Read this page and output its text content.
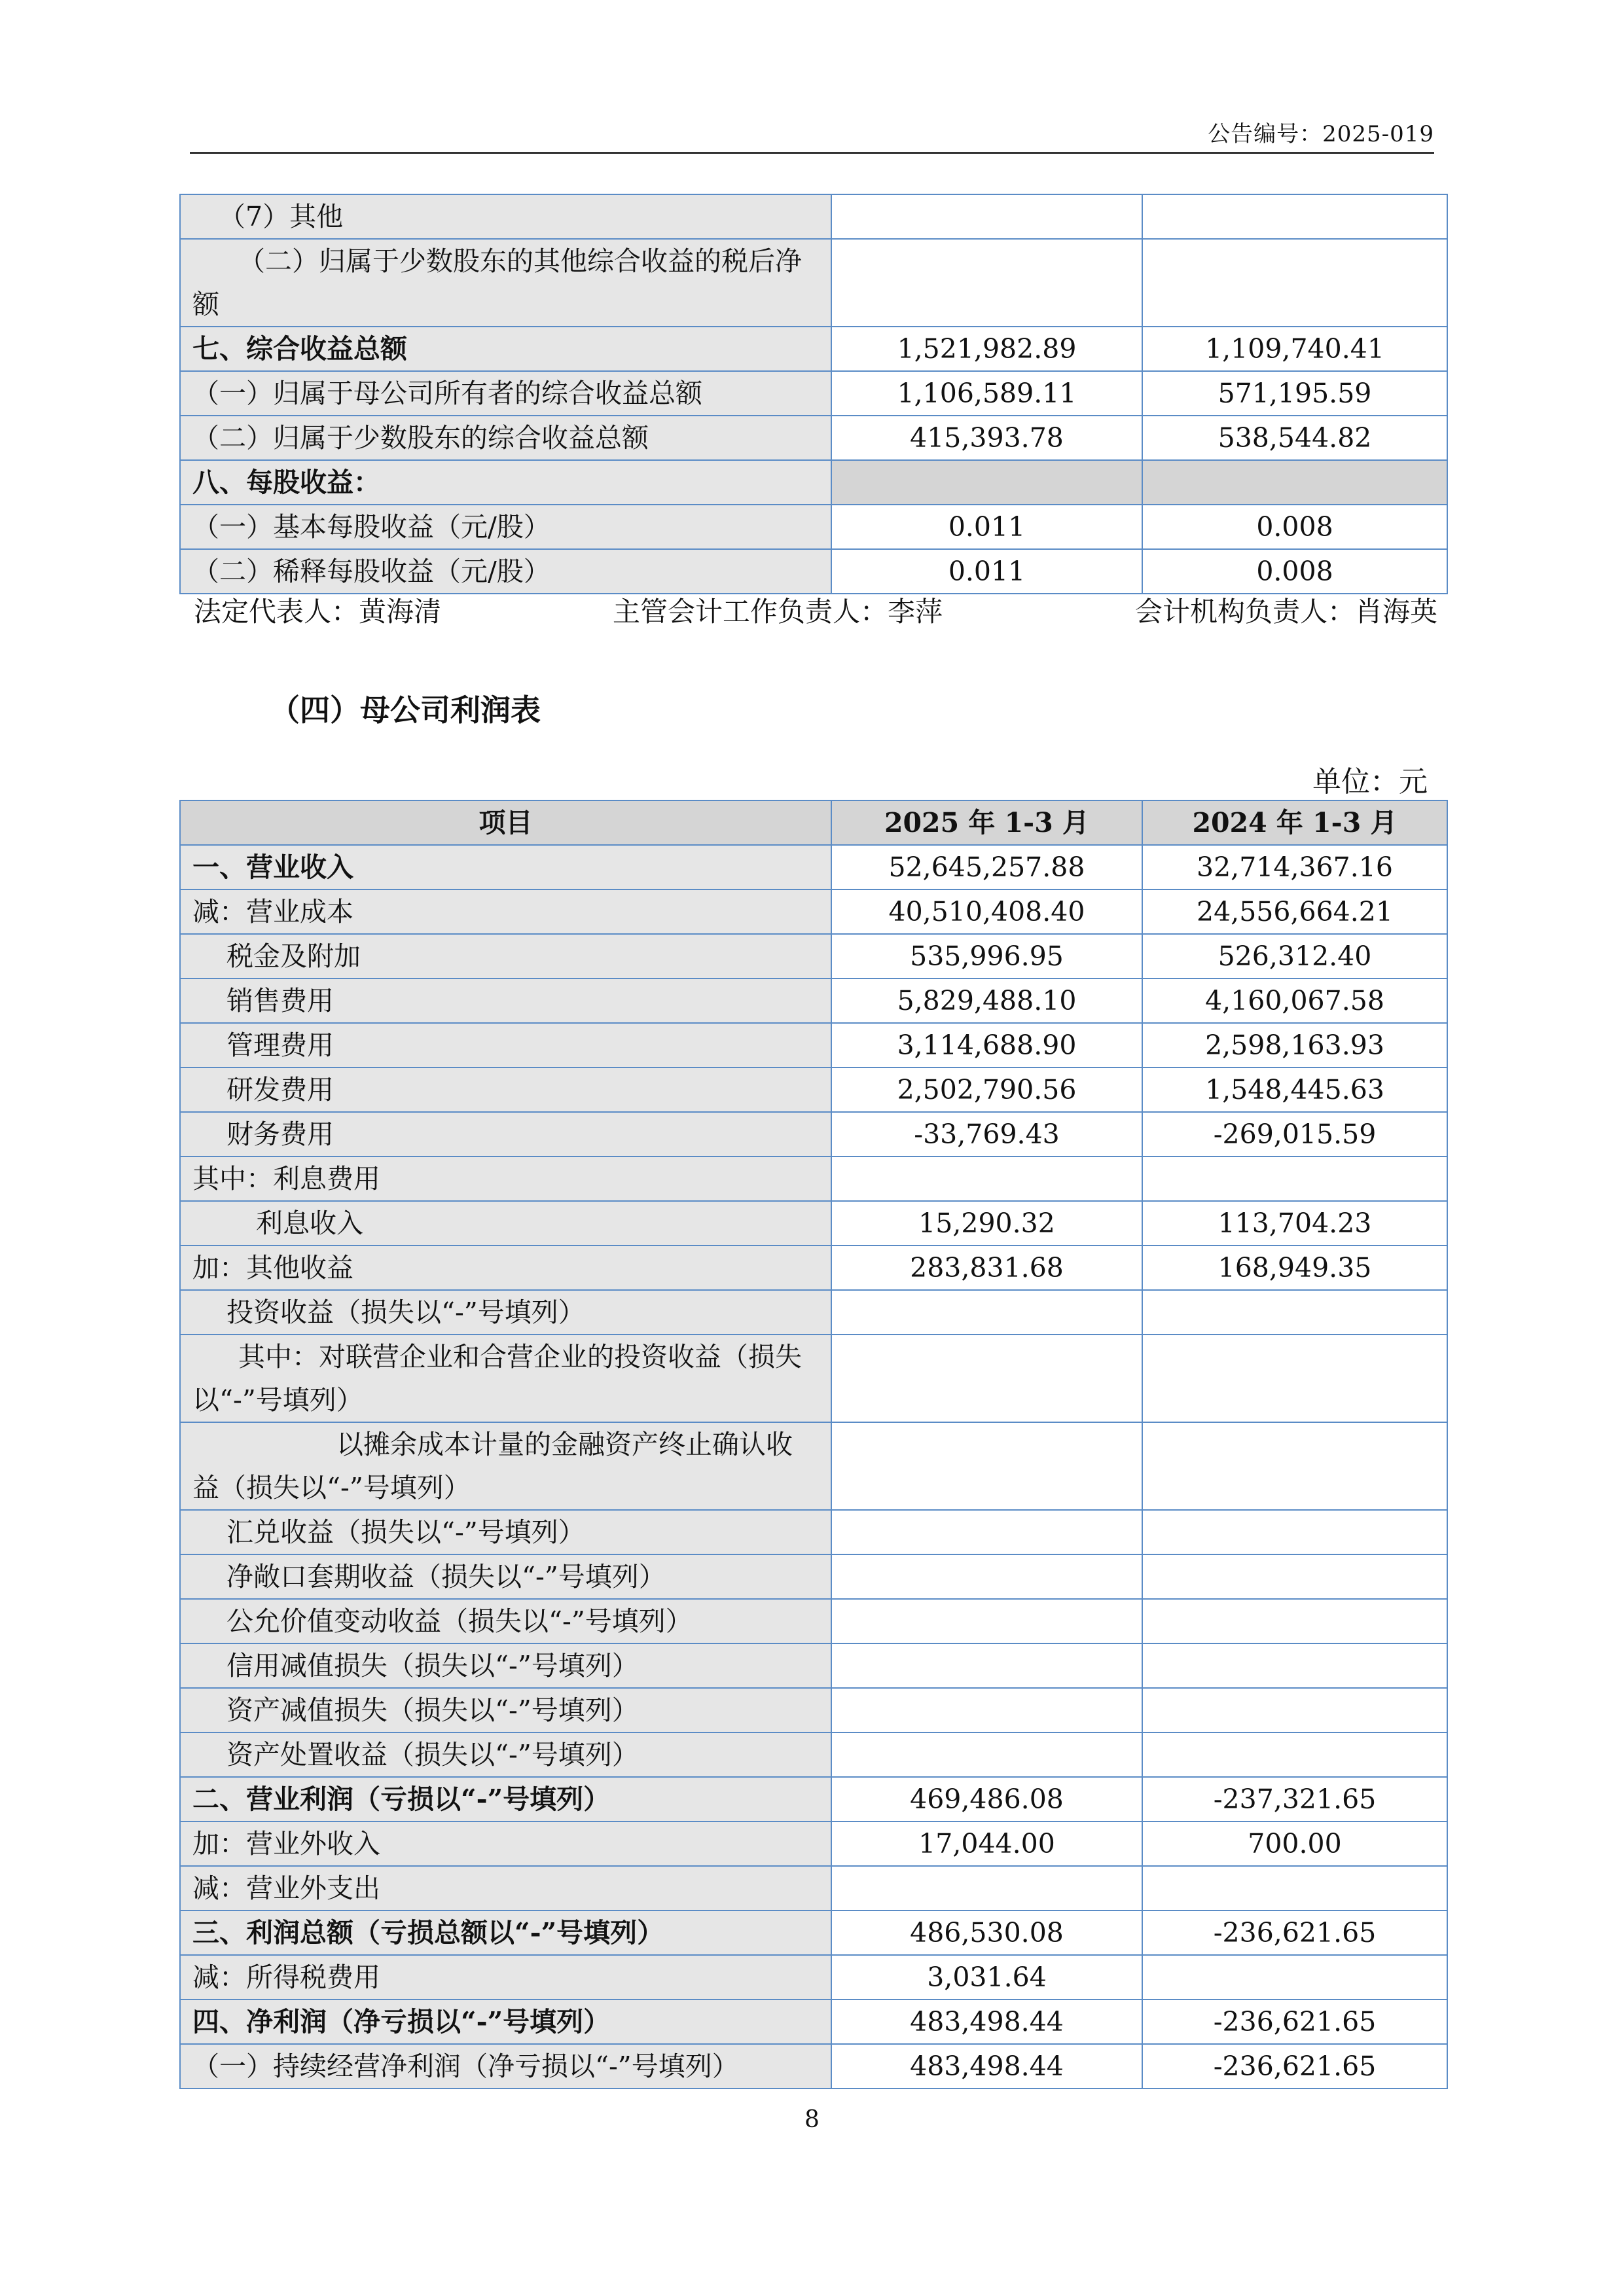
公告编号：2025-019
（7）其他		
（二）归属于少数股东的其他综合收益的税后净额		
七、综合收益总额	1,521,982.89	1,109,740.41
（一）归属于母公司所有者的综合收益总额	1,106,589.11	571,195.59
（二）归属于少数股东的综合收益总额	415,393.78	538,544.82
八、每股收益：		
（一）基本每股收益（元/股）	0.011	0.008
（二）稀释每股收益（元/股）	0.011	0.008
法定代表人：黄海清	主管会计工作负责人：李萍	会计机构负责人：肖海英
（四）母公司利润表
单位：元
项目	2025 年 1-3 月	2024 年 1-3 月
一、营业收入	52,645,257.88	32,714,367.16
减：营业成本	40,510,408.40	24,556,664.21
税金及附加	535,996.95	526,312.40
销售费用	5,829,488.10	4,160,067.58
管理费用	3,114,688.90	2,598,163.93
研发费用	2,502,790.56	1,548,445.63
财务费用	-33,769.43	-269,015.59
其中：利息费用		
利息收入	15,290.32	113,704.23
加：其他收益	283,831.68	168,949.35
投资收益（损失以“-”号填列）		
其中：对联营企业和合营企业的投资收益（损失以“-”号填列）		
以摊余成本计量的金融资产终止确认收益（损失以“-”号填列）		
汇兑收益（损失以“-”号填列）		
净敞口套期收益（损失以“-”号填列）		
公允价值变动收益（损失以“-”号填列）		
信用减值损失（损失以“-”号填列）		
资产减值损失（损失以“-”号填列）		
资产处置收益（损失以“-”号填列）		
二、营业利润（亏损以“-”号填列）	469,486.08	-237,321.65
加：营业外收入	17,044.00	700.00
减：营业外支出		
三、利润总额（亏损总额以“-”号填列）	486,530.08	-236,621.65
减：所得税费用	3,031.64	
四、净利润（净亏损以“-”号填列）	483,498.44	-236,621.65
（一）持续经营净利润（净亏损以“-”号填列）	483,498.44	-236,621.65
8
